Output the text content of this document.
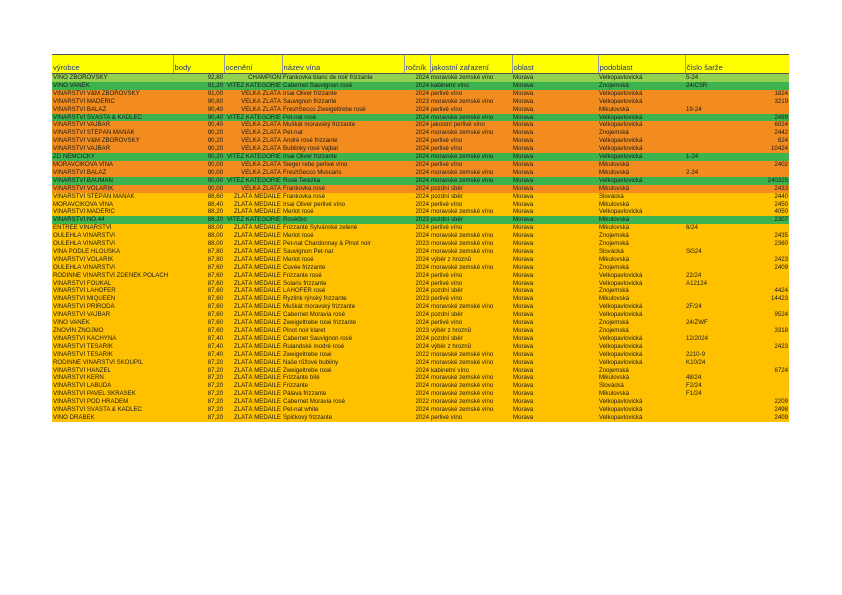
výrobce	body	ocenění	název vína	ročník	jakostní zařazení	oblast	podoblast	číslo šarže
VÍNO ZBOŘOVSKÝ	92,80	CHAMPION	Frankovka blanc de noir frizzante	2024	moravské zemské víno	Morava	Velkopavlovická	5-24
VÍNO VANĚK	91,20	VÍTĚZ KATEGORIE	Cabernet Sauvignon rosé	2024	kabinetní víno	Morava	Znojemská	24/ČSR
VINAŘSTVÍ V&M ZBOŘOVSKÝ	91,00	VELKÁ ZLATÁ	Irsai Oliver frizzante	2024	perlivé víno	Morava	Velkopavlovická	1824
VINAŘSTVÍ MADĚŘIČ	90,80	VELKÁ ZLATÁ	Sauvignon frizzante	2023	moravské zemské víno	Morava	Velkopavlovická	3219
VINAŘSTVÍ BALÁŽ	90,40	VELKÁ ZLATÁ	FreshSecco Zweigeltrebe rosé	2024	perlivé víno	Morava	Mikulovská	19-24
VINAŘSTVÍ ŠVÁSTA & KADLEC	90,40	VÍTĚZ KATEGORIE	Pet-nat rosé	2024	moravské zemské víno	Morava	Velkopavlovická	2499
VINAŘSTVÍ VAJBAR	90,40	VELKÁ ZLATÁ	Muškát moravský frizzante	2024	jakostní perlivé víno	Morava	Velkopavlovická	6024
VINAŘSTVÍ ŠTĚPÁN MAŇÁK	90,20	VELKÁ ZLATÁ	Pet-nat	2024	moravské zemské víno	Morava	Znojemská	2442
VINAŘSTVÍ V&M ZBOŘOVSKÝ	90,20	VELKÁ ZLATÁ	André rosé frizzante	2024	perlivé víno	Morava	Velkopavlovická	824
VINAŘSTVÍ VAJBAR	90,20	VELKÁ ZLATÁ	Bublinky rosé Vajbar	2024	perlivé víno	Morava	Velkopavlovická	10424
ZD NĚMČIČKY	90,20	VÍTĚZ KATEGORIE	Irsai Oliver frizzante	2024	moravské zemské víno	Morava	Velkopavlovická	1-24
MORAVČÍKOVA VÍNA	90,00	VELKÁ ZLATÁ	Sieger rebe perlivé víno	2024	perlivé víno	Morava	Mikulovská	2402
VINAŘSTVÍ BALÁŽ	90,00	VELKÁ ZLATÁ	FreshSecco Muscaris	2024	moravské zemské víno	Morava	Mikulovská	2-24
VINAŘSTVÍ BAUMAN	90,00	VÍTĚZ KATEGORIE	Rosé Terezka	2024	moravské zemské víno	Morava	Velkopavlovická	240325
VINAŘSTVÍ VOLAŘÍK	90,00	VELKÁ ZLATÁ	Frankovka rosé	2024	pozdní sběr	Morava	Mikulovská	2433
VINAŘSTVÍ ŠTĚPÁN MAŇÁK	88,60	ZLATÁ MEDAILE	Frankovka rosé	2024	pozdní sběr	Morava	Slovácká	2440
MORAVČÍKOVA VÍNA	88,40	ZLATÁ MEDAILE	Irsai Oliver perlivé víno	2024	perlivé víno	Morava	Mikulovská	2450
VINAŘSTVÍ MADĚŘIČ	88,20	ZLATÁ MEDAILE	Merlot rosé	2024	moravské zemské víno	Morava	Velkopavlovická	4050
VINAŘSTVÍ NO.44	88,20	VÍTĚZ KATEGORIE	Roséčko	2023	pozdní sběr	Morava	Mikulovská	2307
ENTRÉE VINAŘSTVÍ	88,00	ZLATÁ MEDAILE	Frizzanté Sylvánské zelené	2024	perlivé víno	Morava	Mikulovská	6/24
OULEHLA VINAŘSTVÍ	88,00	ZLATÁ MEDAILE	Merlot rosé	2024	moravské zemské víno	Morava	Znojemská	2435
OULEHLA VINAŘSTVÍ	88,00	ZLATÁ MEDAILE	Pet-nat Chardonnay & Pinot noir	2023	moravské zemské víno	Morava	Znojemská	2360
VÍNA PODLE HLOUŠKA	87,80	ZLATÁ MEDAILE	Sauvignon Pet-nat	2024	moravské zemské víno	Morava	Slovácká	SG24
VINAŘSTVÍ VOLAŘÍK	87,80	ZLATÁ MEDAILE	Merlot rosé	2024	výběr z hroznů	Morava	Mikulovská	2423
OULEHLA VINAŘSTVÍ	87,60	ZLATÁ MEDAILE	Cuvée frizzante	2024	moravské zemské víno	Morava	Znojemská	2409
RODINNÉ VINAŘSTVÍ ZDENEK POLACH	87,60	ZLATÁ MEDAILE	Frizzante rosé	2024	perlivé víno	Morava	Velkopavlovická	22/24
VINAŘSTVÍ FOUKAL	87,60	ZLATÁ MEDAILE	Solaris frizzante	2024	perlivé víno	Morava	Velkopavlovická	A12124
VINAŘSTVÍ LAHOFER	87,60	ZLATÁ MEDAILE	LAHOFER rosé	2024	pozdní sběr	Morava	Znojemská	4424
VINAŘSTVÍ MIQUEEN	87,60	ZLATÁ MEDAILE	Ryzlink rýnský frizzante	2023	perlivé víno	Morava	Mikulovská	14423
VINAŘSTVÍ PŘÍRODA	87,60	ZLATÁ MEDAILE	Muškát moravský frizzante	2024	moravské zemské víno	Morava	Velkopavlovická	2F/24
VINAŘSTVÍ VAJBAR	87,60	ZLATÁ MEDAILE	Cabernet Moravia rosé	2024	pozdní sběr	Morava	Velkopavlovická	9524
VÍNO VANĚK	87,60	ZLATÁ MEDAILE	Zweigeltrebe rosé frizzante	2024	perlivé víno	Morava	Znojemská	24/ZWF
ZNOVÍN ZNOJMO	87,60	ZLATÁ MEDAILE	Pinot noir klaret	2023	výběr z hroznů	Morava	Znojemská	3318
VINAŘSTVÍ KACHYŇA	87,40	ZLATÁ MEDAILE	Cabernet Sauvignon rosé	2024	pozdní sběr	Morava	Velkopavlovická	12/2024
VINAŘSTVÍ TESAŘÍK	87,40	ZLATÁ MEDAILE	Rulandské modré rosé	2024	výběr z hroznů	Morava	Velkopavlovická	2423
VINAŘSTVÍ TESAŘÍK	87,40	ZLATÁ MEDAILE	Zweigeltrebe rosé	2022	moravské zemské víno	Morava	Velkopavlovická	2210-9
RODINNÉ VINAŘSTVÍ SKOUPIL	87,20	ZLATÁ MEDAILE	Naše růžové bubliny	2024	moravské zemské víno	Morava	Velkopavlovická	K10/24
VINAŘSTVÍ HANZEL	87,20	ZLATÁ MEDAILE	Zweigeltrebe rosé	2024	kabinetní víno	Morava	Znojemská	6724
VINAŘSTVÍ KERN	87,20	ZLATÁ MEDAILE	Frizzante bílé	2024	moravské zemské víno	Morava	Mikulovská	48/24
VINAŘSTVÍ LABUDA	87,20	ZLATÁ MEDAILE	Frizzante	2024	moravské zemské víno	Morava	Slovácká	F2/24
VINAŘSTVÍ PAVEL SKRÁŠEK	87,20	ZLATÁ MEDAILE	Pálava frizzante	2024	moravské zemské víno	Morava	Mikulovská	F1/24
VINAŘSTVÍ POD HRADEM	87,20	ZLATÁ MEDAILE	Cabernet Moravia rosé	2022	moravské zemské víno	Morava	Velkopavlovická	2209
VINAŘSTVÍ ŠVÁSTA & KADLEC	87,20	ZLATÁ MEDAILE	Pet-nat white	2024	moravské zemské víno	Morava	Velkopavlovická	2498
VÍNO DRÁBEK	87,20	ZLATÁ MEDAILE	Špičkový frizzante	2024	perlivé víno	Morava	Velkopavlovická	2409
